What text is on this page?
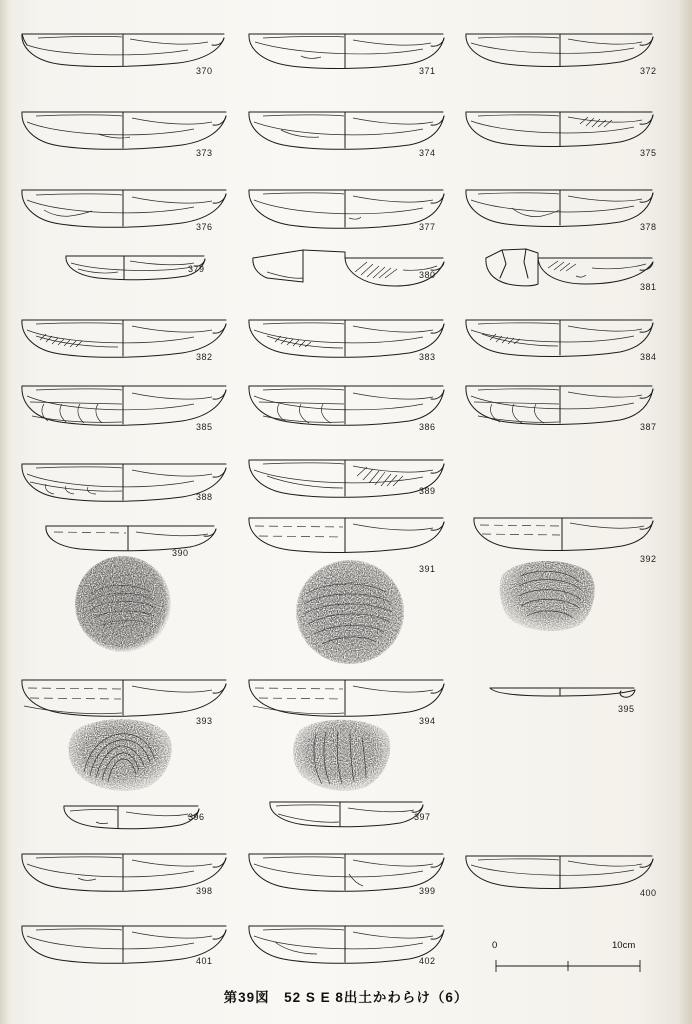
370	371	372
373	374	375
376	377	378
379
380
381
382	383	384
385	386	387
388
389
390
391
392
393	394
395
396	397
398	399	400
401	402
0	10cm
第39図　52 S E 8出土かわらけ（6）
